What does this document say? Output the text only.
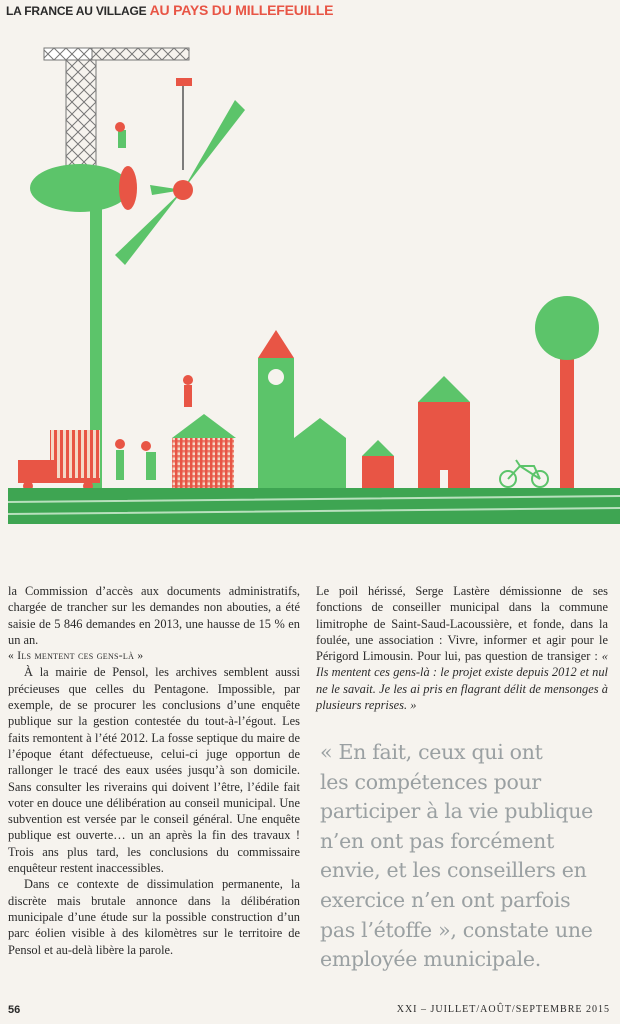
LA FRANCE AU VILLAGE AU PAYS DU MILLEFEUILLE

la Commission d’accès aux documents administratifs, chargée de trancher sur les demandes non abouties, a été saisie de 5 846 demandes en 2013, une hausse de 15 % en un an.

« Ils mentent ces gens-là »

À la mairie de Pensol, les archives semblent aussi précieuses que celles du Pentagone. Impossible, par exemple, de se procurer les conclusions d’une enquête publique sur la gestion contestée du tout-à-l’égout. Les faits remontent à l’été 2012. La fosse septique du maire de l’époque étant défectueuse, celui-ci juge opportun de rallonger le tracé des eaux usées jusqu’à son domicile. Sans consulter les riverains qui doivent l’être, l’édile fait voter en douce une délibération au conseil municipal. Une subvention est versée par le conseil général. Une enquête publique est ouverte… un an après la fin des travaux ! Trois ans plus tard, les conclusions du commissaire enquêteur restent inaccessibles.

Dans ce contexte de dissimulation permanente, la discrète mais brutale annonce dans la délibération municipale d’une étude sur la possible construction d’un parc éolien visible à des kilomètres sur le territoire de Pensol et au-delà libère la parole.

Le poil hérissé, Serge Lastère démissionne de ses fonctions de conseiller municipal dans la commune limitrophe de Saint-Saud-Lacoussière, et fonde, dans la foulée, une association : Vivre, informer et agir pour le Périgord Limousin. Pour lui, pas question de transiger : « Ils mentent ces gens-là : le projet existe depuis 2012 et nul ne le savait. Je les ai pris en flagrant délit de mensonges à plusieurs reprises. »

« En fait, ceux qui ont

les compétences pour

participer à la vie publique

n’en ont pas forcément

envie, et les conseillers en

exercice n’en ont parfois

pas l’étoffe », constate une

employée municipale.

56	XXI – JUILLET/AOÛT/SEPTEMBRE 2015
